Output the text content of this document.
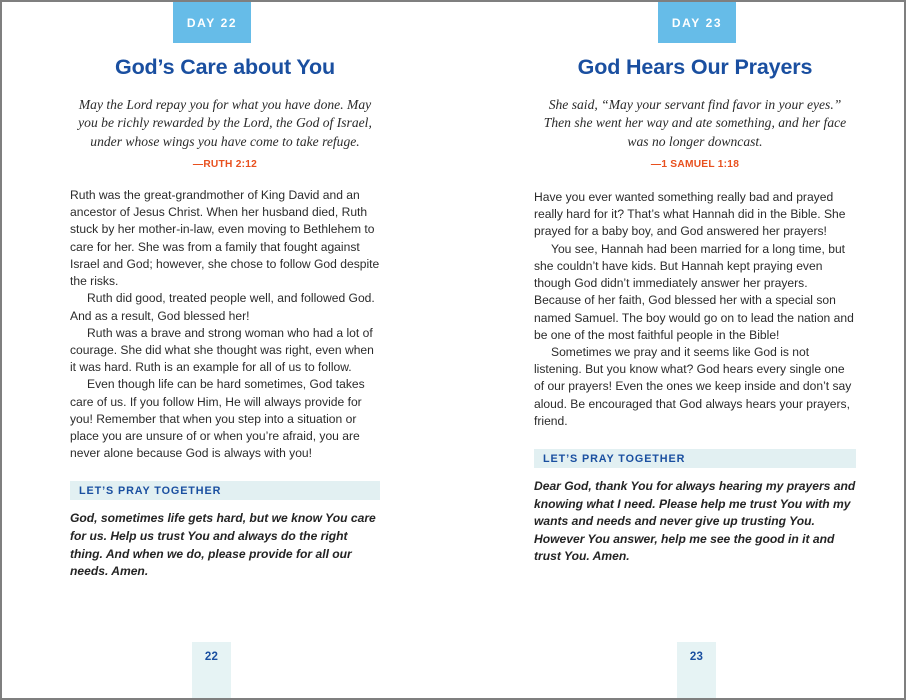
22
DAY 22
God’s Care about You
May the Lord repay you for what you have done. May you be richly rewarded by the Lord, the God of Israel, under whose wings you have come to take refuge.
—RUTH 2:12

Ruth was the great-grandmother of King David and an ancestor of Jesus Christ. When her husband died, Ruth stuck by her mother-in-law, even moving to Bethlehem to care for her. She was from a family that fought against Israel and God; however, she chose to follow God despite the risks.

Ruth did good, treated people well, and followed God. And as a result, God blessed her!

Ruth was a brave and strong woman who had a lot of courage. She did what she thought was right, even when it was hard. Ruth is an example for all of us to follow.

Even though life can be hard sometimes, God takes care of us. If you follow Him, He will always provide for you! Remember that when you step into a situation or place you are unsure of or when you’re afraid, you are never alone because God is always with you!

LET’S PRAY TOGETHER
God, sometimes life gets hard, but we know You care for us. Help us trust You and always do the right thing. And when we do, please provide for all our needs. Amen.
23
DAY 23
God Hears Our Prayers
She said, “May your servant find favor in your eyes.” Then she went her way and ate something, and her face was no longer downcast.
—1 SAMUEL 1:18

Have you ever wanted something really bad and prayed really hard for it? That’s what Hannah did in the Bible. She prayed for a baby boy, and God answered her prayers!

You see, Hannah had been married for a long time, but she couldn’t have kids. But Hannah kept praying even though God didn’t immediately answer her prayers. Because of her faith, God blessed her with a special son named Samuel. The boy would go on to lead the nation and be one of the most faithful people in the Bible!

Sometimes we pray and it seems like God is not listening. But you know what? God hears every single one of our prayers! Even the ones we keep inside and don’t say aloud. Be encouraged that God always hears your prayers, friend.

LET’S PRAY TOGETHER
Dear God, thank You for always hearing my prayers and knowing what I need. Please help me trust You with my wants and needs and never give up trusting You. However You answer, help me see the good in it and trust You. Amen.
